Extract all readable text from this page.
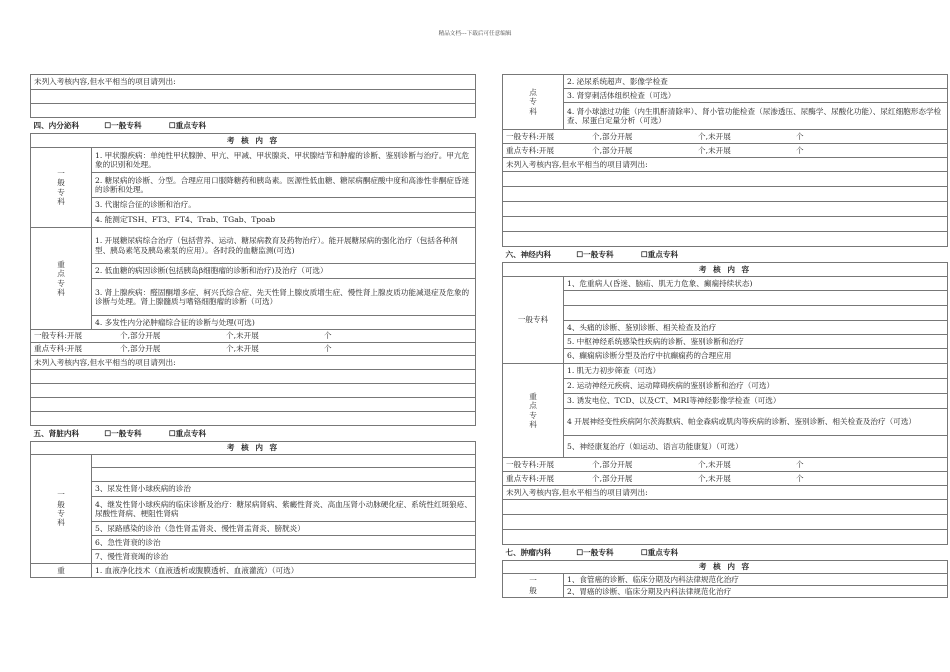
精品文档---下载后可任意编辑
未列入考核内容,但水平相当的项目请列出:	

四、内分泌科 ☐一般专科 ☐重点专科	
考 核 内 容	
一
般
专
科	1. 甲状腺疾病：单纯性甲状腺肿、甲亢、甲减、甲状腺炎、甲状腺结节和肿瘤的诊断、鉴别诊断与治疗。甲亢危象的识别和处理。
	2. 糖尿病的诊断、分型。合理应用口服降糖药和胰岛素。医源性低血糖、糖尿病酮症酸中度和高渗性非酮症昏迷的诊断和处理。
	3. 代谢综合征的诊断和治疗。
	4. 能测定TSH、FT3、FT4、Trab、TGab、Tpoab
重
点
专
科	1. 开展糖尿病综合治疗（包括营养、运动、糖尿病教育及药物治疗）。能开展糖尿病的强化治疗（包括各种剂型、胰岛素笔及胰岛素泵的应用）。各时段的血糖监测(可选)
	2. 低血糖的病因诊断(包括胰岛β细胞瘤的诊断和治疗)及治疗（可选）
	3. 肾上腺疾病：醛固酮增多症、柯兴氏综合症、先天性肾上腺皮质增生症、慢性肾上腺皮质功能减退症及危象的诊断与处理。肾上腺髓质与嗜铬细胞瘤的诊断（可选）
	4. 多发性内分泌肿瘤综合征的诊断与处理(可选)
一般专科:开展 个,部分开展 个,未开展 个	
重点专科:开展 个,部分开展 个,未开展 个	
未列入考核内容,但水平相当的项目请列出:	

五、肾脏内科 ☐一般专科 ☐重点专科	
考 核 内 容	
一
般
专
科	

	3、尿发性肾小球疾病的诊治
	4、继发性肾小球疾病的临床诊断及治疗：糖尿病肾病、紫癜性肾炎、高血压肾小动脉硬化症、系统性红斑狼疮、尿酸性肾病、梗阻性肾病
	5、尿路感染的诊治（急性肾盂肾炎、慢性肾盂肾炎、膀胱炎）
	6、急性肾衰的诊治
	7、慢性肾衰竭的诊治
重	1. 血液净化技术（血液透析或腹膜透析、血液灌流）（可选）
点
专
科	2. 泌尿系统超声、影像学检查
	3. 肾穿刺活体组织检查（可选）
	4. 肾小球滤过功能（内生肌酐清除率）、肾小管功能检查（尿渗透压、尿酶学、尿酸化功能）、尿红细胞形态学检查、尿蛋白定量分析（可选）
一般专科:开展 个,部分开展 个,未开展 个	
重点专科:开展 个,部分开展 个,未开展 个	
未列入考核内容,但水平相当的项目请列出:	

六、神经内科 ☐一般专科 ☐重点专科	
考 核 内 容	
一般专科	1、危重病人(昏迷、脑疝、肌无力危象、癫痫持续状态)

	4、头痛的诊断、鉴别诊断、相关检查及治疗
	5. 中枢神经系统感染性疾病的诊断、鉴别诊断和治疗
	6、癫痫病诊断分型及治疗中抗癫痫药的合理应用
重
点
专
科	1. 肌无力初步筛查（可选）
	2. 运动神经元疾病、运动障碍疾病的鉴别诊断和治疗（可选）
	3. 诱发电位、TCD、以及CT、MRI等神经影像学检查（可选）
	4 开展神经变性疾病阿尔茨海默病、帕金森病或肌肉等疾病的诊断、鉴别诊断、相关检查及治疗（可选）
	5、神经康复治疗（如运动、语言功能康复）（可选）
一般专科:开展 个,部分开展 个,未开展 个	
重点专科:开展 个,部分开展 个,未开展 个	
未列入考核内容,但水平相当的项目请列出:	

七、肿瘤内科 ☐一般专科 ☐重点专科	
考 核 内 容	
一
般	1、食管癌的诊断、临床分期及内科法律规范化治疗
	2、胃癌的诊断、临床分期及内科法律规范化治疗
